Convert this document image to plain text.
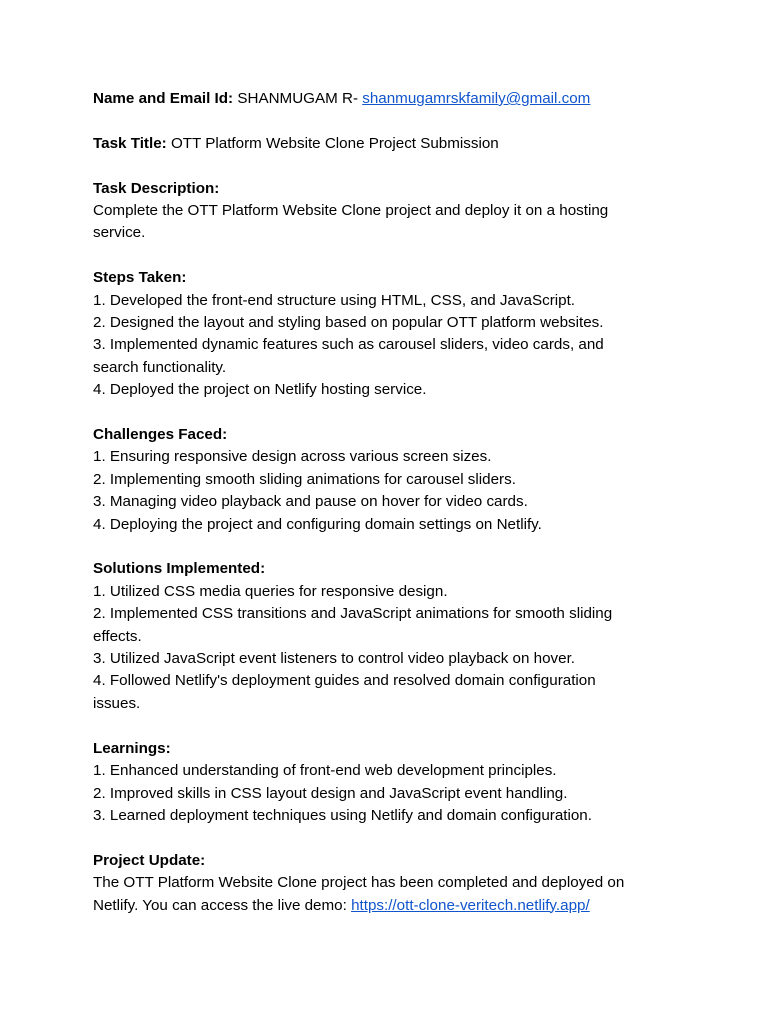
Name and Email Id: SHANMUGAM R- shanmugamrskfamily@gmail.com
Task Title: OTT Platform Website Clone Project Submission
Task Description:
Complete the OTT Platform Website Clone project and deploy it on a hosting
service.
Steps Taken:
1. Developed the front-end structure using HTML, CSS, and JavaScript.
2. Designed the layout and styling based on popular OTT platform websites.
3. Implemented dynamic features such as carousel sliders, video cards, and
search functionality.
4. Deployed the project on Netlify hosting service.
Challenges Faced:
1. Ensuring responsive design across various screen sizes.
2. Implementing smooth sliding animations for carousel sliders.
3. Managing video playback and pause on hover for video cards.
4. Deploying the project and configuring domain settings on Netlify.
Solutions Implemented:
1. Utilized CSS media queries for responsive design.
2. Implemented CSS transitions and JavaScript animations for smooth sliding
effects.
3. Utilized JavaScript event listeners to control video playback on hover.
4. Followed Netlify's deployment guides and resolved domain configuration
issues.
Learnings:
1. Enhanced understanding of front-end web development principles.
2. Improved skills in CSS layout design and JavaScript event handling.
3. Learned deployment techniques using Netlify and domain configuration.
Project Update:
The OTT Platform Website Clone project has been completed and deployed on
Netlify. You can access the live demo: https://ott-clone-veritech.netlify.app/
